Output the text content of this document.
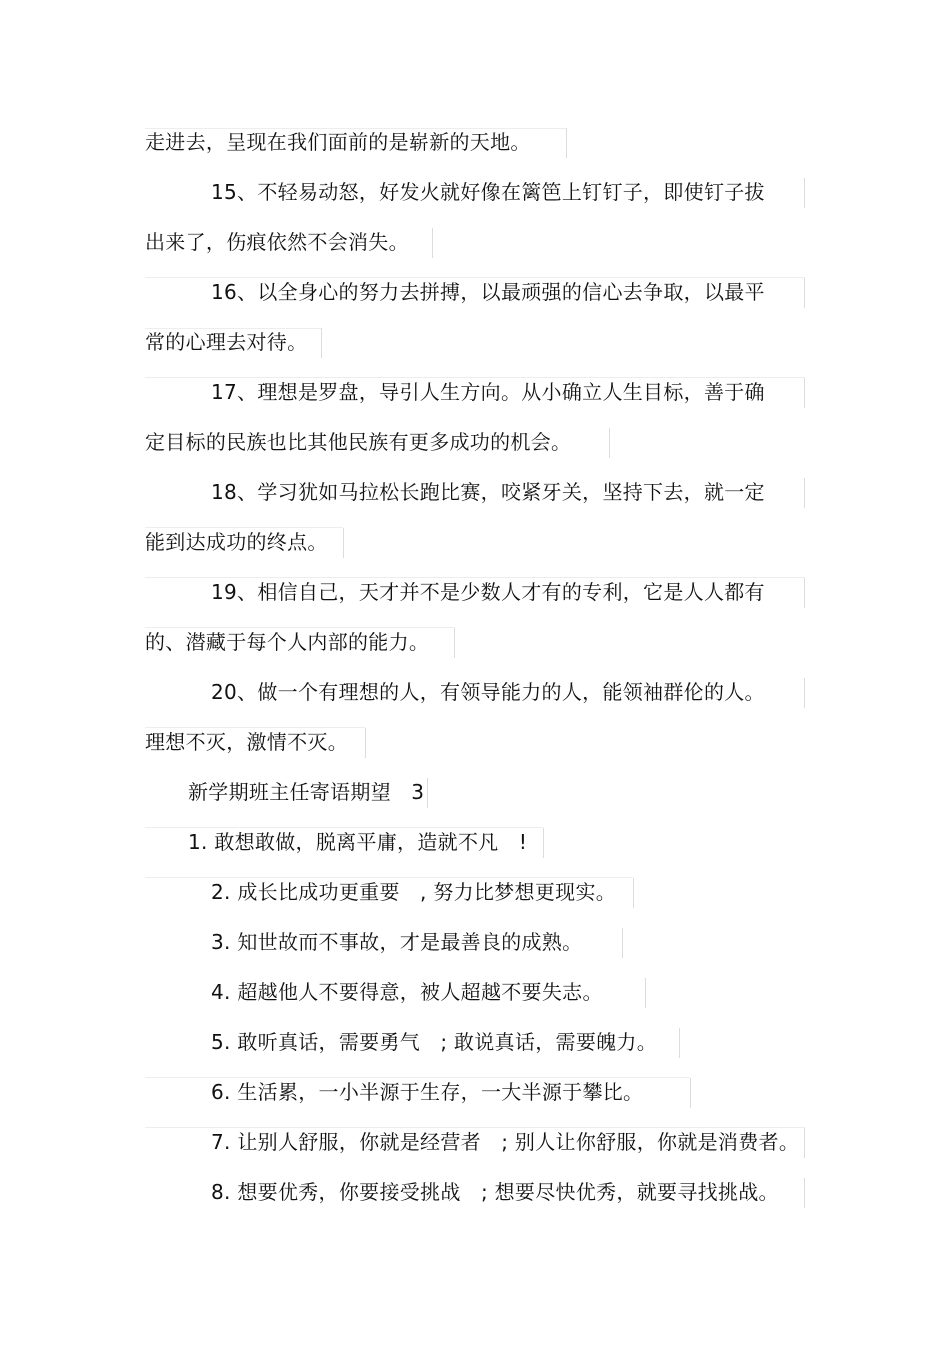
走进去，呈现在我们面前的是崭新的天地。
15、不轻易动怒，好发火就好像在篱笆上钉钉子，即使钉子拔
出来了，伤痕依然不会消失。
16、以全身心的努力去拼搏，以最顽强的信心去争取，以最平
常的心理去对待。
17、理想是罗盘，导引人生方向。从小确立人生目标，善于确
定目标的民族也比其他民族有更多成功的机会。
18、学习犹如马拉松长跑比赛，咬紧牙关，坚持下去，就一定
能到达成功的终点。
19、相信自己，天才并不是少数人才有的专利，它是人人都有
的、潜藏于每个人内部的能力。
20、做一个有理想的人，有领导能力的人，能领袖群伦的人。
理想不灭，激情不灭。
新学期班主任寄语期望　3
1. 敢想敢做，脱离平庸，造就不凡　!
2. 成长比成功更重要　, 努力比梦想更现实。
3. 知世故而不事故，才是最善良的成熟。
4. 超越他人不要得意，被人超越不要失志。
5. 敢听真话，需要勇气　; 敢说真话，需要魄力。
6. 生活累，一小半源于生存，一大半源于攀比。
7. 让别人舒服，你就是经营者　; 别人让你舒服，你就是消费者。
8. 想要优秀，你要接受挑战　; 想要尽快优秀，就要寻找挑战。
